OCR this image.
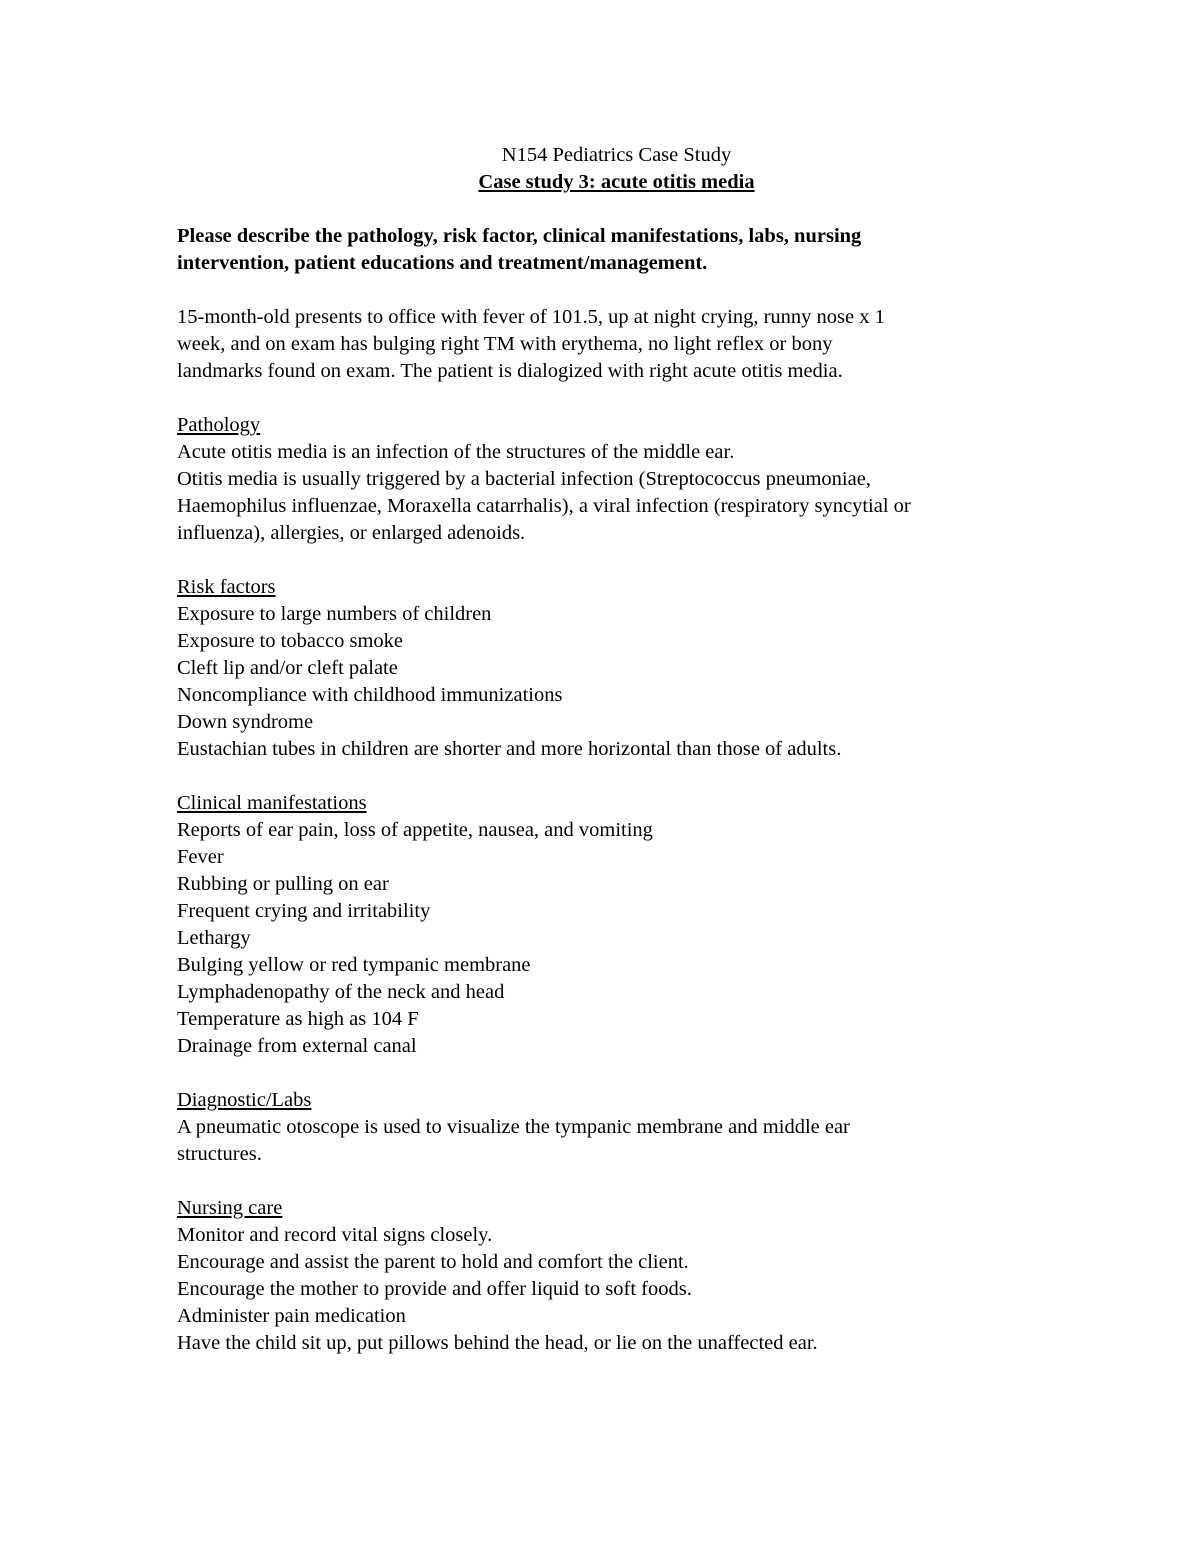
N154 Pediatrics Case Study
Case study 3: acute otitis media
Please describe the pathology, risk factor, clinical manifestations, labs, nursing
intervention, patient educations and treatment/management.
15-month-old presents to office with fever of 101.5, up at night crying, runny nose x 1
week, and on exam has bulging right TM with erythema, no light reflex or bony
landmarks found on exam. The patient is dialogized with right acute otitis media.
Pathology
Acute otitis media is an infection of the structures of the middle ear.
Otitis media is usually triggered by a bacterial infection (Streptococcus pneumoniae,
Haemophilus influenzae, Moraxella catarrhalis), a viral infection (respiratory syncytial or
influenza), allergies, or enlarged adenoids.
Risk factors
Exposure to large numbers of children
Exposure to tobacco smoke
Cleft lip and/or cleft palate
Noncompliance with childhood immunizations
Down syndrome
Eustachian tubes in children are shorter and more horizontal than those of adults.
Clinical manifestations
Reports of ear pain, loss of appetite, nausea, and vomiting
Fever
Rubbing or pulling on ear
Frequent crying and irritability
Lethargy
Bulging yellow or red tympanic membrane
Lymphadenopathy of the neck and head
Temperature as high as 104 F
Drainage from external canal
Diagnostic/Labs
A pneumatic otoscope is used to visualize the tympanic membrane and middle ear
structures.
Nursing care
Monitor and record vital signs closely.
Encourage and assist the parent to hold and comfort the client.
Encourage the mother to provide and offer liquid to soft foods.
Administer pain medication
Have the child sit up, put pillows behind the head, or lie on the unaffected ear.
